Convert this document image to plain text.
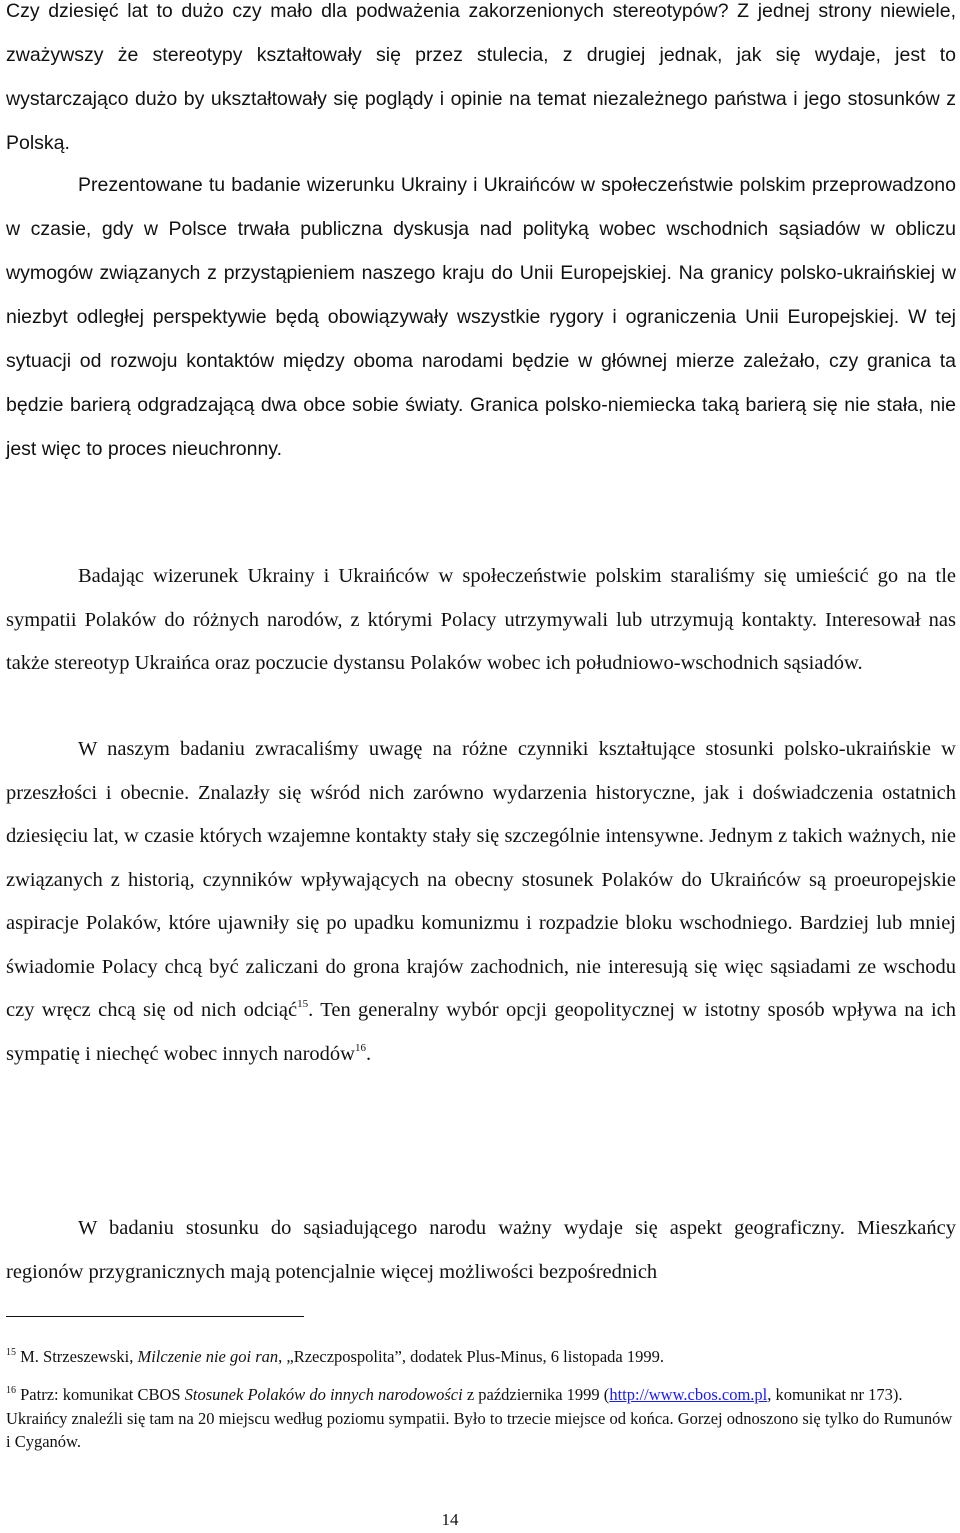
Czy dziesięć lat to dużo czy mało dla podważenia zakorzenionych stereotypów? Z jednej strony niewiele, zważywszy że stereotypy kształtowały się przez stulecia, z drugiej jednak, jak się wydaje, jest to wystarczająco dużo by ukształtowały się poglądy i opinie na temat niezależnego państwa i jego stosunków z Polską.

Prezentowane tu badanie wizerunku Ukrainy i Ukraińców w społeczeństwie polskim przeprowadzono w czasie, gdy w Polsce trwała publiczna dyskusja nad polityką wobec wschodnich sąsiadów w obliczu wymogów związanych z przystąpieniem naszego kraju do Unii Europejskiej. Na granicy polsko-ukraińskiej w niezbyt odległej perspektywie będą obowiązywały wszystkie rygory i ograniczenia Unii Europejskiej. W tej sytuacji od rozwoju kontaktów między oboma narodami będzie w głównej mierze zależało, czy granica ta będzie barierą odgradzającą dwa obce sobie światy. Granica polsko-niemiecka taką barierą się nie stała, nie jest więc to proces nieuchronny.

Badając wizerunek Ukrainy i Ukraińców w społeczeństwie polskim staraliśmy się umieścić go na tle sympatii Polaków do różnych narodów, z którymi Polacy utrzymywali lub utrzymują kontakty. Interesował nas także stereotyp Ukraińca oraz poczucie dystansu Polaków wobec ich południowo-wschodnich sąsiadów.

W naszym badaniu zwracaliśmy uwagę na różne czynniki kształtujące stosunki polsko-ukraińskie w przeszłości i obecnie. Znalazły się wśród nich zarówno wydarzenia historyczne, jak i doświadczenia ostatnich dziesięciu lat, w czasie których wzajemne kontakty stały się szczególnie intensywne. Jednym z takich ważnych, nie związanych z historią, czynników wpływających na obecny stosunek Polaków do Ukraińców są proeuropejskie aspiracje Polaków, które ujawniły się po upadku komunizmu i rozpadzie bloku wschodniego. Bardziej lub mniej świadomie Polacy chcą być zaliczani do grona krajów zachodnich, nie interesują się więc sąsiadami ze wschodu czy wręcz chcą się od nich odciąć$^{15}$. Ten generalny wybór opcji geopolitycznej w istotny sposób wpływa na ich sympatię i niechęć wobec innych narodów$^{16}$.

W badaniu stosunku do sąsiadującego narodu ważny wydaje się aspekt geograficzny. Mieszkańcy regionów przygranicznych mają potencjalnie więcej możliwości bezpośrednich

$^{15}$ M. Strzeszewski, Milczenie nie goi ran, „Rzeczpospolita”, dodatek Plus-Minus, 6 listopada 1999.

$^{16}$ Patrz: komunikat CBOS Stosunek Polaków do innych narodowości z października 1999 (http://www.cbos.com.pl, komunikat nr 173). Ukraińcy znaleźli się tam na 20 miejscu według poziomu sympatii. Było to trzecie miejsce od końca. Gorzej odnoszono się tylko do Rumunów i Cyganów.

14
